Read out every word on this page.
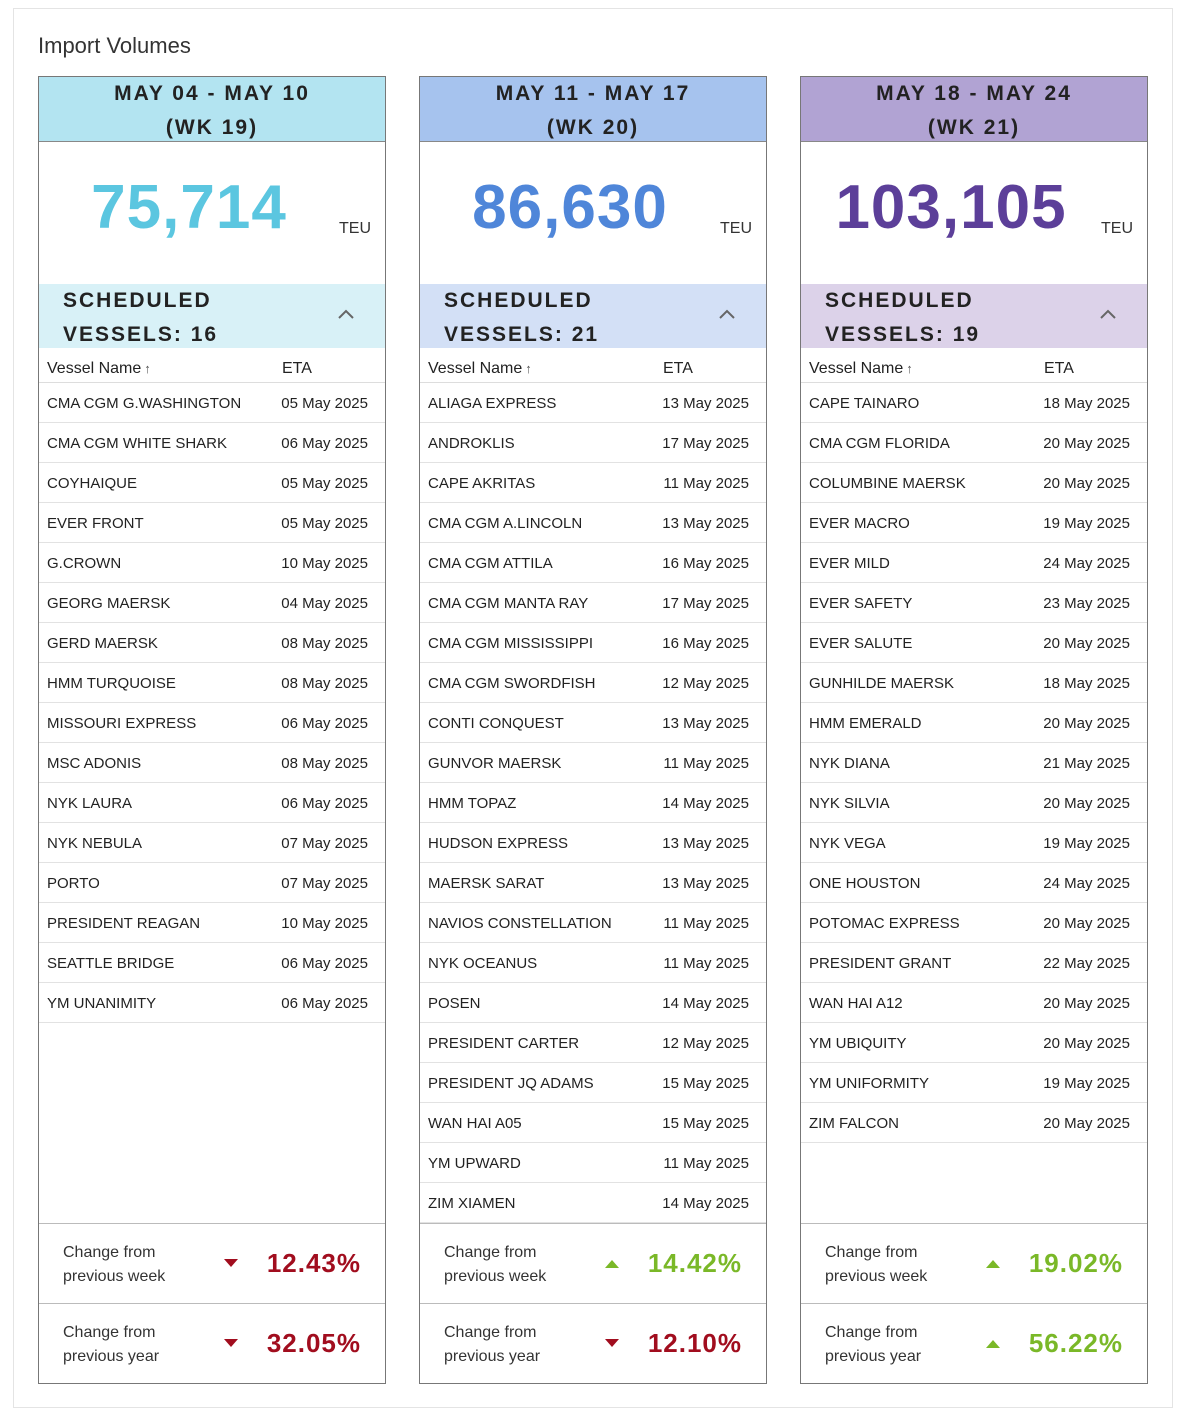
Import Volumes
MAY 04 - MAY 10
(WK 19)
75,714	TEU
SCHEDULED
VESSELS: 16
Vessel Name ↑	ETA
CMA CGM G.WASHINGTON	05 May 2025
CMA CGM WHITE SHARK	06 May 2025
COYHAIQUE	05 May 2025
EVER FRONT	05 May 2025
G.CROWN	10 May 2025
GEORG MAERSK	04 May 2025
GERD MAERSK	08 May 2025
HMM TURQUOISE	08 May 2025
MISSOURI EXPRESS	06 May 2025
MSC ADONIS	08 May 2025
NYK LAURA	06 May 2025
NYK NEBULA	07 May 2025
PORTO	07 May 2025
PRESIDENT REAGAN	10 May 2025
SEATTLE BRIDGE	06 May 2025
YM UNANIMITY	06 May 2025
Change from previous week	12.43%
Change from previous year	32.05%
MAY 11 - MAY 17
(WK 20)
86,630	TEU
SCHEDULED
VESSELS: 21
Vessel Name ↑	ETA
ALIAGA EXPRESS	13 May 2025
ANDROKLIS	17 May 2025
CAPE AKRITAS	11 May 2025
CMA CGM A.LINCOLN	13 May 2025
CMA CGM ATTILA	16 May 2025
CMA CGM MANTA RAY	17 May 2025
CMA CGM MISSISSIPPI	16 May 2025
CMA CGM SWORDFISH	12 May 2025
CONTI CONQUEST	13 May 2025
GUNVOR MAERSK	11 May 2025
HMM TOPAZ	14 May 2025
HUDSON EXPRESS	13 May 2025
MAERSK SARAT	13 May 2025
NAVIOS CONSTELLATION	11 May 2025
NYK OCEANUS	11 May 2025
POSEN	14 May 2025
PRESIDENT CARTER	12 May 2025
PRESIDENT JQ ADAMS	15 May 2025
WAN HAI A05	15 May 2025
YM UPWARD	11 May 2025
ZIM XIAMEN	14 May 2025
Change from previous week	14.42%
Change from previous year	12.10%
MAY 18 - MAY 24
(WK 21)
103,105	TEU
SCHEDULED
VESSELS: 19
Vessel Name ↑	ETA
CAPE TAINARO	18 May 2025
CMA CGM FLORIDA	20 May 2025
COLUMBINE MAERSK	20 May 2025
EVER MACRO	19 May 2025
EVER MILD	24 May 2025
EVER SAFETY	23 May 2025
EVER SALUTE	20 May 2025
GUNHILDE MAERSK	18 May 2025
HMM EMERALD	20 May 2025
NYK DIANA	21 May 2025
NYK SILVIA	20 May 2025
NYK VEGA	19 May 2025
ONE HOUSTON	24 May 2025
POTOMAC EXPRESS	20 May 2025
PRESIDENT GRANT	22 May 2025
WAN HAI A12	20 May 2025
YM UBIQUITY	20 May 2025
YM UNIFORMITY	19 May 2025
ZIM FALCON	20 May 2025
Change from previous week	19.02%
Change from previous year	56.22%
